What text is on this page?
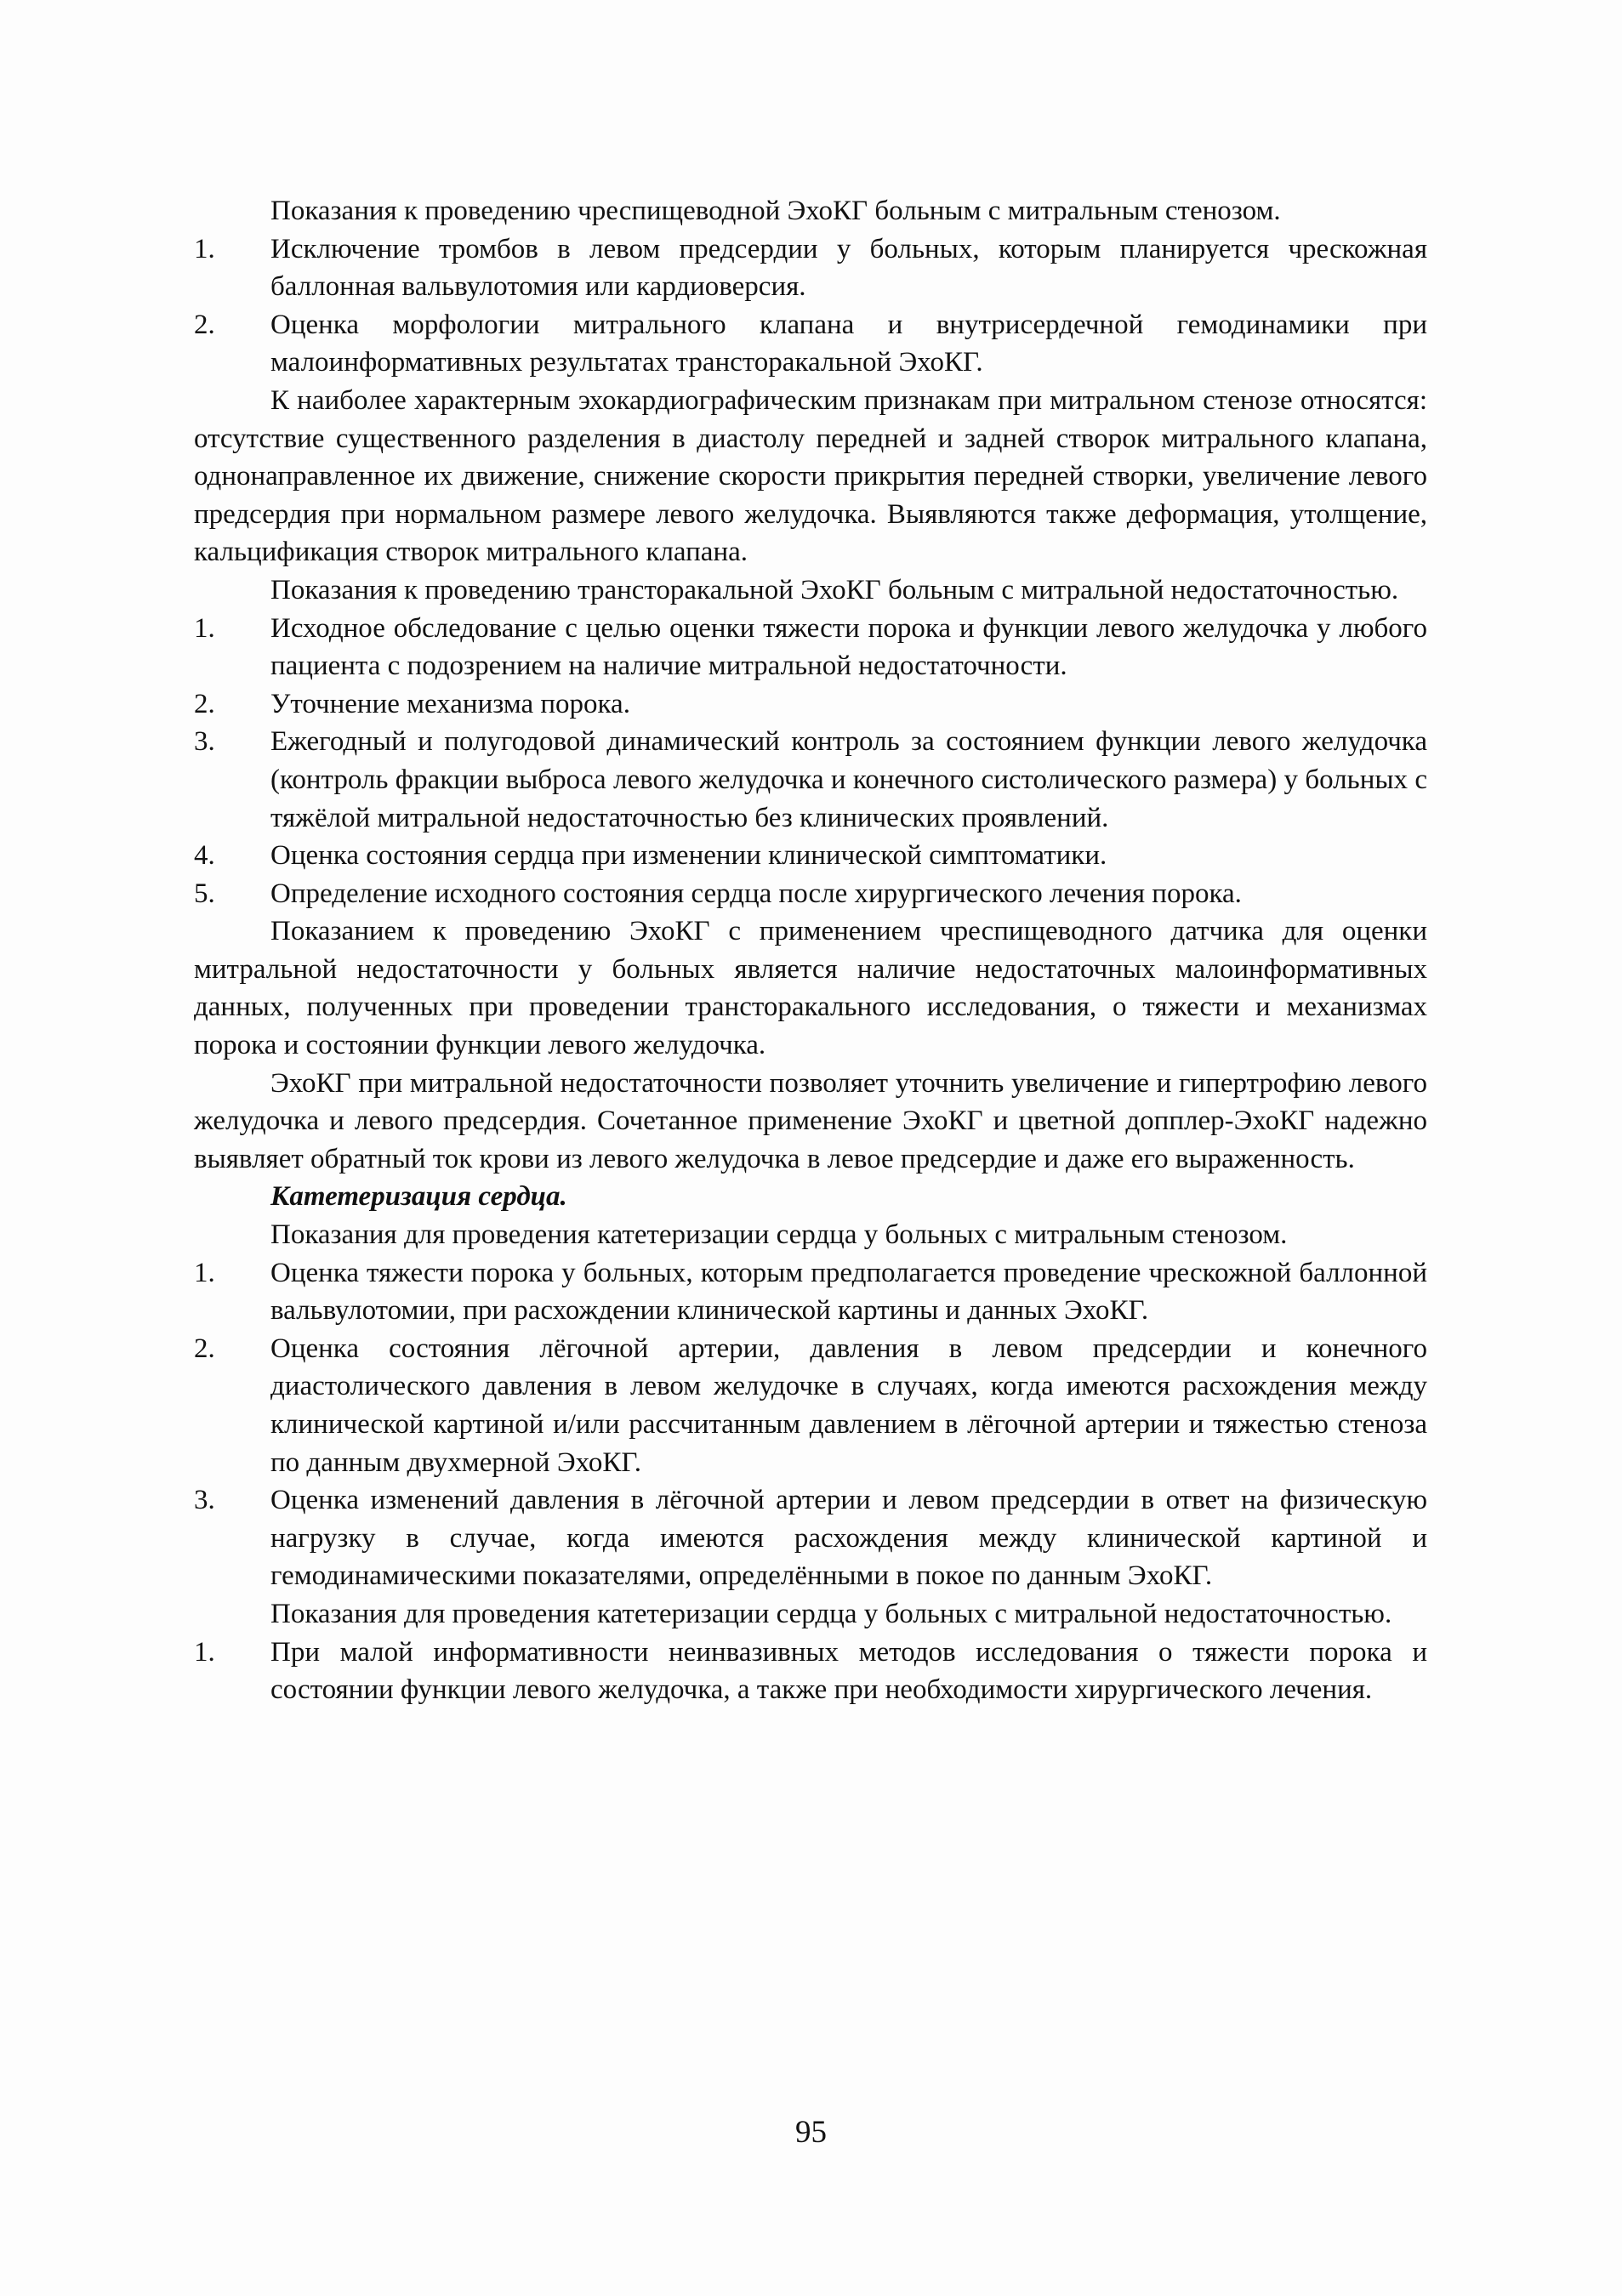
Показания к проведению чреспищеводной ЭхоКГ больным с митральным стенозом.

1. Исключение тромбов в левом предсердии у больных, которым планируется чрескожная баллонная вальвулотомия или кардиоверсия.
2. Оценка морфологии митрального клапана и внутрисердечной гемодинамики при малоинформативных результатах трансторакальной ЭхоКГ.

К наиболее характерным эхокардиографическим признакам при митральном стенозе относятся: отсутствие существенного разделения в диастолу передней и задней створок митрального клапана, однонаправленное их движение, снижение скорости прикрытия передней створки, увеличение левого предсердия при нормальном размере левого желудочка. Выявляются также деформация, утолщение, кальцификация створок митрального клапана.

Показания к проведению трансторакальной ЭхоКГ больным с митральной недостаточностью.

1. Исходное обследование с целью оценки тяжести порока и функции левого желудочка у любого пациента с подозрением на наличие митральной недостаточности.
2. Уточнение механизма порока.
3. Ежегодный и полугодовой динамический контроль за состоянием функции левого желудочка (контроль фракции выброса левого желудочка и конечного систолического размера) у больных с тяжёлой митральной недостаточностью без клинических проявлений.
4. Оценка состояния сердца при изменении клинической симптоматики.
5. Определение исходного состояния сердца после хирургического лечения порока.

Показанием к проведению ЭхоКГ с применением чреспищеводного датчика для оценки митральной недостаточности у больных является наличие недостаточных малоинформативных данных, полученных при проведении трансторакального исследования, о тяжести и механизмах порока и состоянии функции левого желудочка.

ЭхоКГ при митральной недостаточности позволяет уточнить увеличение и гипертрофию левого желудочка и левого предсердия. Сочетанное применение ЭхоКГ и цветной допплер-ЭхоКГ надежно выявляет обратный ток крови из левого желудочка в левое предсердие и даже его выраженность.

Катетеризация сердца.

Показания для проведения катетеризации сердца у больных с митральным стенозом.

1. Оценка тяжести порока у больных, которым предполагается проведение чрескожной баллонной вальвулотомии, при расхождении клинической картины и данных ЭхоКГ.
2. Оценка состояния лёгочной артерии, давления в левом предсердии и конечного диастолического давления в левом желудочке в случаях, когда имеются расхождения между клинической картиной и/или рассчитанным давлением в лёгочной артерии и тяжестью стеноза по данным двухмерной ЭхоКГ.
3. Оценка изменений давления в лёгочной артерии и левом предсердии в ответ на физическую нагрузку в случае, когда имеются расхождения между клинической картиной и гемодинамическими показателями, определёнными в покое по данным ЭхоКГ.

Показания для проведения катетеризации сердца у больных с митральной недостаточностью.

1. При малой информативности неинвазивных методов исследования о тяжести порока и состоянии функции левого желудочка, а также при необходимости хирургического лечения.
95
